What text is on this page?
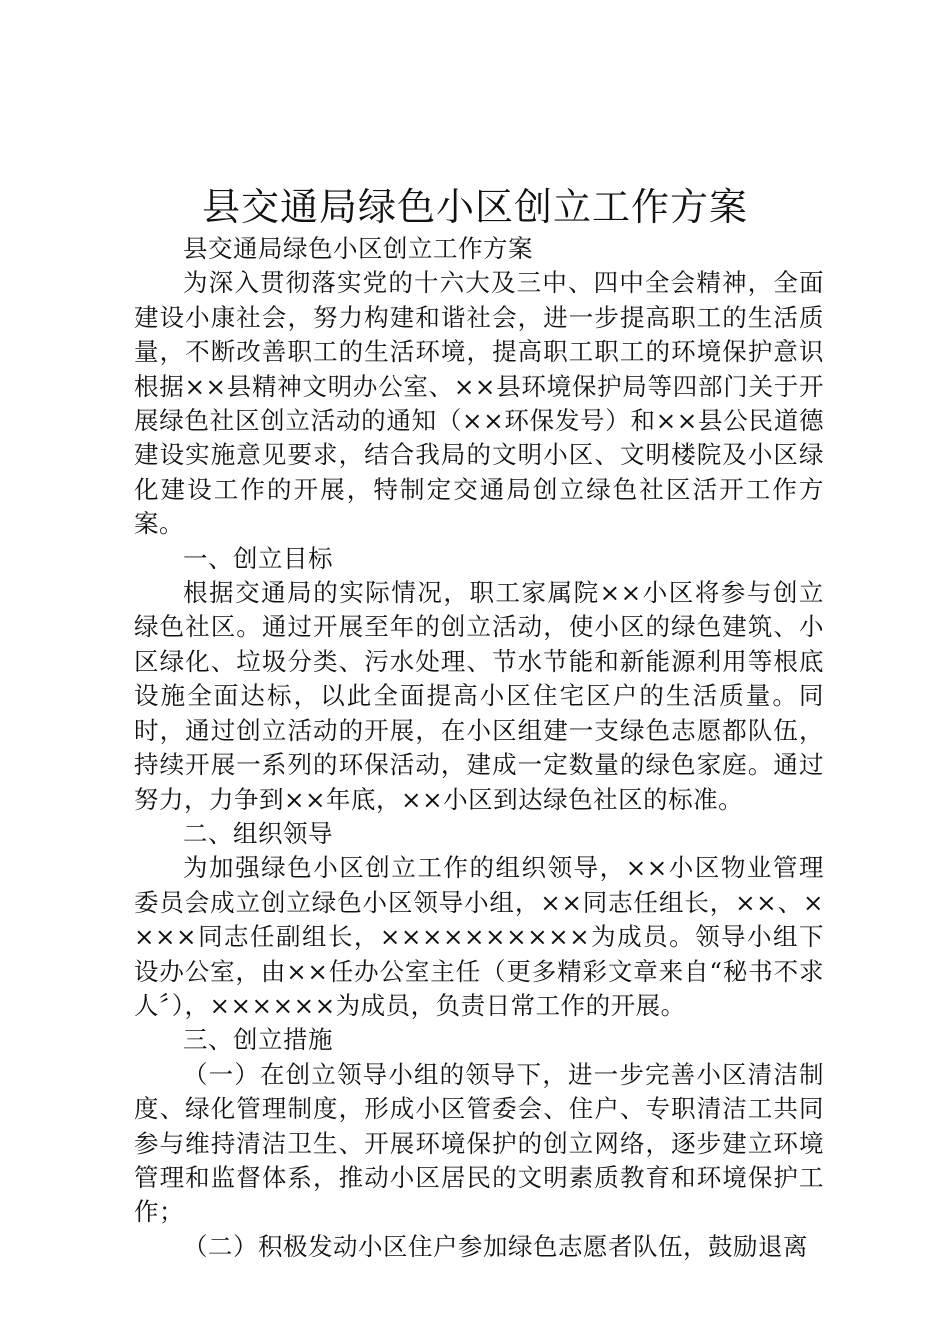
县交通局绿色小区创立工作方案

县交通局绿色小区创立工作方案

为深入贯彻落实党的十六大及三中、四中全会精神，全面建设小康社会，努力构建和谐社会，进一步提高职工的生活质量，不断改善职工的生活环境，提高职工职工的环境保护意识根据××县精神文明办公室、××县环境保护局等四部门关于开展绿色社区创立活动的通知（××环保发号）和××县公民道德建设实施意见要求，结合我局的文明小区、文明楼院及小区绿化建设工作的开展，特制定交通局创立绿色社区活开工作方案。

一、创立目标

根据交通局的实际情况，职工家属院××小区将参与创立绿色社区。通过开展至年的创立活动，使小区的绿色建筑、小区绿化、垃圾分类、污水处理、节水节能和新能源利用等根底设施全面达标，以此全面提高小区住宅区户的生活质量。同时，通过创立活动的开展，在小区组建一支绿色志愿都队伍，持续开展一系列的环保活动，建成一定数量的绿色家庭。通过努力，力争到××年底，××小区到达绿色社区的标准。

二、组织领导

为加强绿色小区创立工作的组织领导，××小区物业管理委员会成立创立绿色小区领导小组，××同志任组长，××、××××同志任副组长，××××××××××为成员。领导小组下设办公室，由××任办公室主任（更多精彩文章来自“秘书不求人〞），××××××为成员，负责日常工作的开展。

三、创立措施

（一）在创立领导小组的领导下，进一步完善小区清洁制度、绿化管理制度，形成小区管委会、住户、专职清洁工共同参与维持清洁卫生、开展环境保护的创立网络，逐步建立环境管理和监督体系，推动小区居民的文明素质教育和环境保护工作；

（二）积极发动小区住户参加绿色志愿者队伍，鼓励退离
